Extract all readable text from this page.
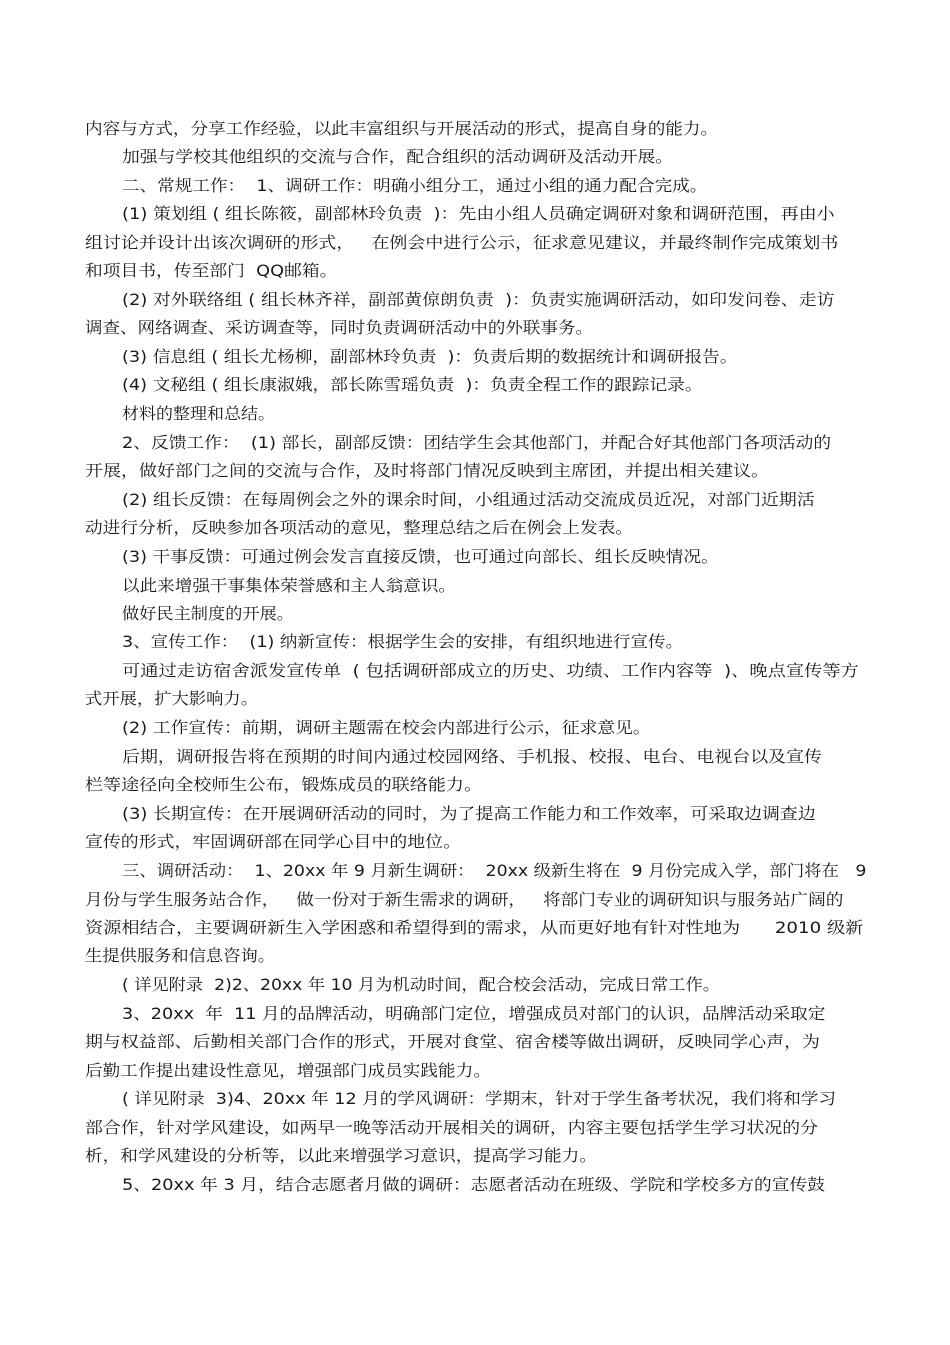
内容与方式，分享工作经验，以此丰富组织与开展活动的形式，提高自身的能力。
加强与学校其他组织的交流与合作，配合组织的活动调研及活动开展。
二、常规工作：  1、调研工作：明确小组分工，通过小组的通力配合完成。
(1) 策划组 ( 组长陈筱，副部林玲负责  )：先由小组人员确定调研对象和调研范围，再由小
组讨论并设计出该次调研的形式，   在例会中进行公示，征求意见建议，并最终制作完成策划书
和项目书，传至部门  QQ邮箱。
(2) 对外联络组 ( 组长林齐祥，副部黄倞朗负责  )：负责实施调研活动，如印发问卷、走访
调查、网络调查、采访调查等，同时负责调研活动中的外联事务。
(3) 信息组 ( 组长尤杨柳，副部林玲负责  )：负责后期的数据统计和调研报告。
(4) 文秘组 ( 组长康淑娥，部长陈雪瑶负责  )：负责全程工作的跟踪记录。
材料的整理和总结。
2、反馈工作：  (1) 部长，副部反馈：团结学生会其他部门，并配合好其他部门各项活动的
开展，做好部门之间的交流与合作，及时将部门情况反映到主席团，并提出相关建议。
(2) 组长反馈：在每周例会之外的课余时间，小组通过活动交流成员近况，对部门近期活
动进行分析，反映参加各项活动的意见，整理总结之后在例会上发表。
(3) 干事反馈：可通过例会发言直接反馈，也可通过向部长、组长反映情况。
以此来增强干事集体荣誉感和主人翁意识。
做好民主制度的开展。
3、宣传工作：  (1) 纳新宣传：根据学生会的安排，有组织地进行宣传。
可通过走访宿舍派发宣传单  ( 包括调研部成立的历史、功绩、工作内容等  )、晚点宣传等方
式开展，扩大影响力。
(2) 工作宣传：前期，调研主题需在校会内部进行公示，征求意见。
后期，调研报告将在预期的时间内通过校园网络、手机报、校报、电台、电视台以及宣传
栏等途径向全校师生公布，锻炼成员的联络能力。
(3) 长期宣传：在开展调研活动的同时，为了提高工作能力和工作效率，可采取边调查边
宣传的形式，牢固调研部在同学心目中的地位。
三、调研活动：  1、20xx 年 9 月新生调研：  20xx 级新生将在  9 月份完成入学，部门将在   9
月份与学生服务站合作，   做一份对于新生需求的调研，   将部门专业的调研知识与服务站广阔的
资源相结合，主要调研新生入学困惑和希望得到的需求，从而更好地有针对性地为      2010 级新
生提供服务和信息咨询。
( 详见附录  2)2、20xx 年 10 月为机动时间，配合校会活动，完成日常工作。
3、20xx  年  11 月的品牌活动，明确部门定位，增强成员对部门的认识，品牌活动采取定
期与权益部、后勤相关部门合作的形式，开展对食堂、宿舍楼等做出调研，反映同学心声，为
后勤工作提出建设性意见，增强部门成员实践能力。
( 详见附录  3)4、20xx 年 12 月的学风调研：学期末，针对于学生备考状况，我们将和学习
部合作，针对学风建设，如两早一晚等活动开展相关的调研，内容主要包括学生学习状况的分
析，和学风建设的分析等，以此来增强学习意识，提高学习能力。
5、20xx 年 3 月，结合志愿者月做的调研：志愿者活动在班级、学院和学校多方的宣传鼓
